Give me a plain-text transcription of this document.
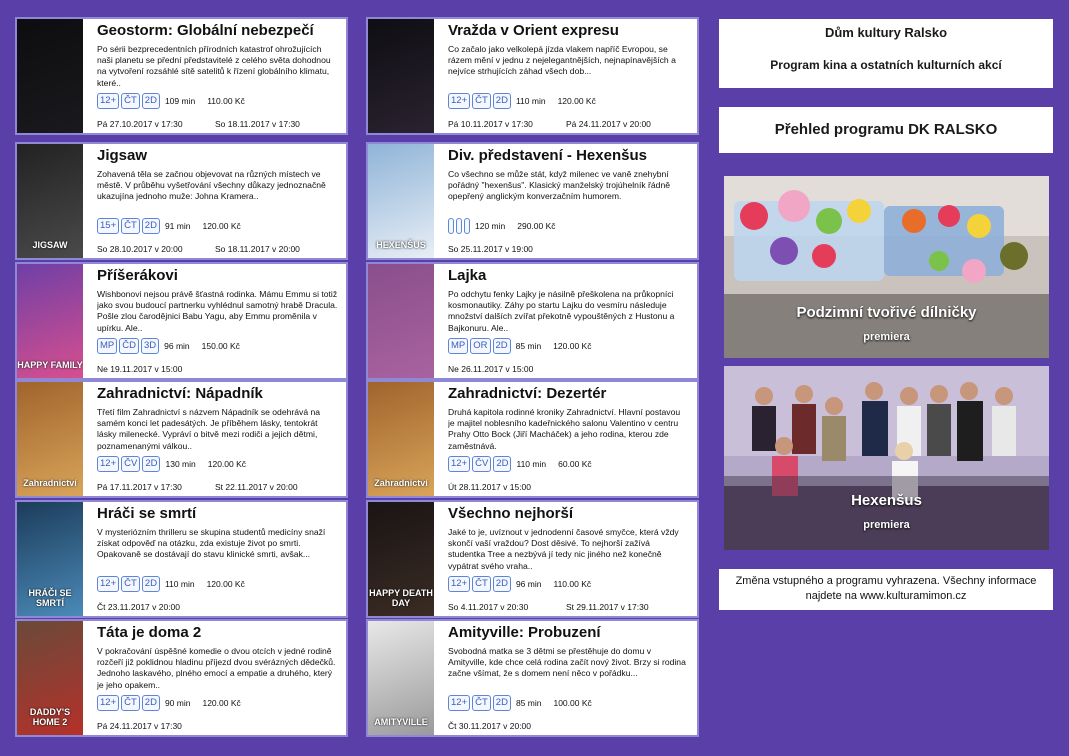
Geostorm: Globální nebezpečí
Po sérii bezprecedentních přírodních katastrof ohrožujících naši planetu se přední představitelé z celého světa dohodnou na vytvoření rozsáhlé sítě satelitů k řízení globálního klimatu, které..
12+ ČT 2D 109 min 110.00 Kč
Pá 27.10.2017 v 17:30	So 18.11.2017 v 17:30
JIGSAW
Jigsaw
Zohavená těla se začnou objevovat na různých místech ve městě. V průběhu vyšetřování všechny důkazy jednoznačně ukazujína jednoho muže: Johna Kramera..
15+ ČT 2D 91 min 120.00 Kč
So 28.10.2017 v 20:00	So 18.11.2017 v 20:00
HAPPY FAMILY
Příšerákovi
Wishbonovi nejsou právě šťastná rodinka. Mámu Emmu si totiž jako svou budoucí partnerku vyhlédnul samotný hrabě Dracula. Pošle zlou čarodějnici Babu Yagu, aby Emmu proměnila v upírku. Ale..
MP ČD 3D 96 min 150.00 Kč
Ne 19.11.2017 v 15:00
Zahradnictví
Zahradnictví: Nápadník
Třetí film Zahradnictví s názvem Nápadník se odehrává na samém konci let padesátých. Je příběhem lásky, tentokrát lásky milenecké. Vypráví o bitvě mezi rodiči a jejich dětmi, poznamenanými válkou..
12+ ČV 2D 130 min 120.00 Kč
Pá 17.11.2017 v 17:30	St 22.11.2017 v 20:00
HRÁČI SE SMRTÍ
Hráči se smrtí
V mysteriózním thrilleru se skupina studentů medicíny snaží získat odpověď na otázku, zda existuje život po smrti. Opakovaně se dostávají do stavu klinické smrti, avšak...
12+ ČT 2D 110 min 120.00 Kč
Čt 23.11.2017 v 20:00
DADDY'S HOME 2
Táta je doma 2
V pokračování úspěšné komedie o dvou otcích v jedné rodině rozčeří již poklidnou hladinu příjezd dvou svérázných dědečků. Jednoho laskavého, plného emocí a empatie a druhého, který je jeho opakem..
12+ ČT 2D 90 min 120.00 Kč
Pá 24.11.2017 v 17:30
Vražda v Orient expresu
Co začalo jako velkolepá jízda vlakem napříč Evropou, se rázem mění v jednu z nejelegantnějších, nejnapínavějších a nejvíce strhujících záhad všech dob...
12+ ČT 2D 110 min 120.00 Kč
Pá 10.11.2017 v 17:30	Pá 24.11.2017 v 20:00
HEXENŠUS
Div. představení - Hexenšus
Co všechno se může stát, když milenec ve vaně znehybní pořádný "hexenšus". Klasický manželský trojúhelník řádně opepřený anglickým konverzačním humorem.
120 min 290.00 Kč
So 25.11.2017 v 19:00
Lajka
Po odchytu fenky Lajky je násilně přeškolena na průkopníci kosmonautiky. Záhy po startu Lajku do vesmíru následuje množství dalších zvířat překotně vypouštěných z Hustonu a Bajkonuru. Ale..
MP OR 2D 85 min 120.00 Kč
Ne 26.11.2017 v 15:00
Zahradnictví
Zahradnictví: Dezertér
Druhá kapitola rodinné kroniky Zahradnictví. Hlavní postavou je majitel noblesního kadeřnického salonu Valentino v centru Prahy Otto Bock (Jiří Macháček) a jeho rodina, kterou zde zaměstnává.
12+ ČV 2D 110 min 60.00 Kč
Út 28.11.2017 v 15:00
HAPPY DEATH DAY
Všechno nejhorší
Jaké to je, uvíznout v jednodenní časové smyčce, která vždy skončí vaší vraždou? Dost děsivé. To nejhorší zažívá studentka Tree a nezbývá jí tedy nic jiného než konečně vypátrat svého vraha..
12+ ČT 2D 96 min 110.00 Kč
So 4.11.2017 v 20:30	St 29.11.2017 v 17:30
AMITYVILLE
Amityville: Probuzení
Svobodná matka se 3 dětmi se přestěhuje do domu v Amityville, kde chce celá rodina začít nový život. Brzy si rodina začne všímat, že s domem není něco v pořádku...
12+ ČT 2D 85 min 100.00 Kč
Čt 30.11.2017 v 20:00
Dům kultury Ralsko
Program kina a ostatních kulturních akcí
Přehled programu DK RALSKO
Podzimní tvořivé dílničky
premiera
Hexenšus
premiera
Změna vstupného a programu vyhrazena. Všechny informace najdete na www.kulturamimon.cz
